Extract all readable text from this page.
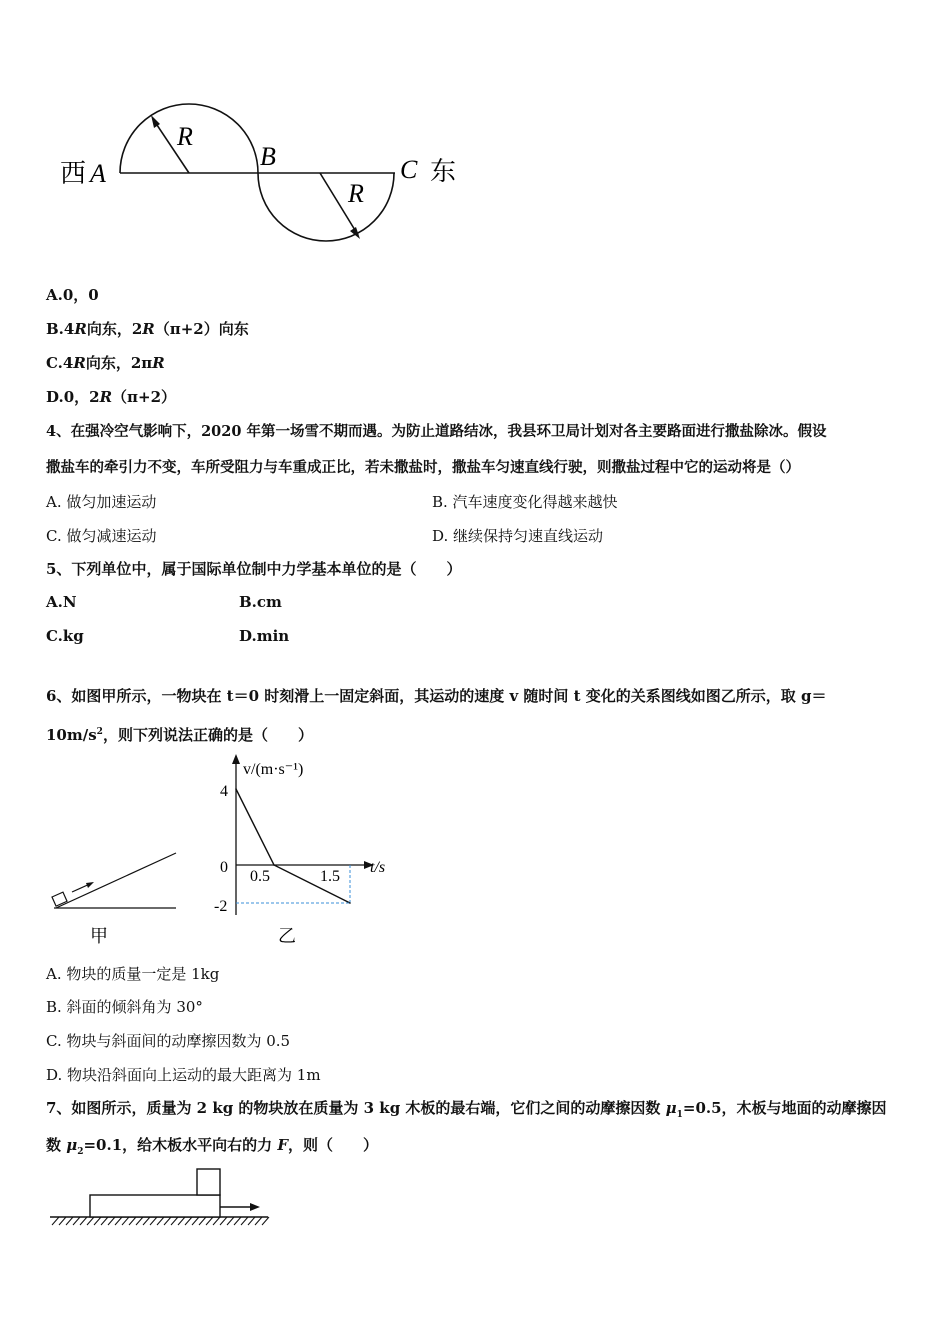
西 A
B	C 东
R
R
A.0，0
B.4R向东，2R（π+2）向东
C.4R向东，2πR
D.0，2R（π+2）
4、在强冷空气影响下，2020 年第一场雪不期而遇。为防止道路结冰，我县环卫局计划对各主要路面进行撒盐除冰。假设
撒盐车的牵引力不变，车所受阻力与车重成正比，若未撒盐时，撒盐车匀速直线行驶，则撒盐过程中它的运动将是（）
A. 做匀加速运动	B. 汽车速度变化得越来越快
C. 做匀减速运动	D. 继续保持匀速直线运动
5、下列单位中，属于国际单位制中力学基本单位的是（　　）
A.N	B.cm
C.kg	D.min
6、如图甲所示，一物块在 t＝0 时刻滑上一固定斜面，其运动的速度 v 随时间 t 变化的关系图线如图乙所示，取 g＝
$10m/s^2$，则下列说法正确的是（　　）
甲
v/(m·s⁻¹)
t/s
4
0
-2
0.5	1.5
乙
A. 物块的质量一定是 1kg
B. 斜面的倾斜角为 30°
C. 物块与斜面间的动摩擦因数为 0.5
D. 物块沿斜面向上运动的最大距离为 1m
7、如图所示，质量为 2 kg 的物块放在质量为 3 kg 木板的最右端，它们之间的动摩擦因数 $\mu_1=0.5$，木板与地面的动摩擦因
数 $\mu_2=0.1$，给木板水平向右的力 F，则（　　）
